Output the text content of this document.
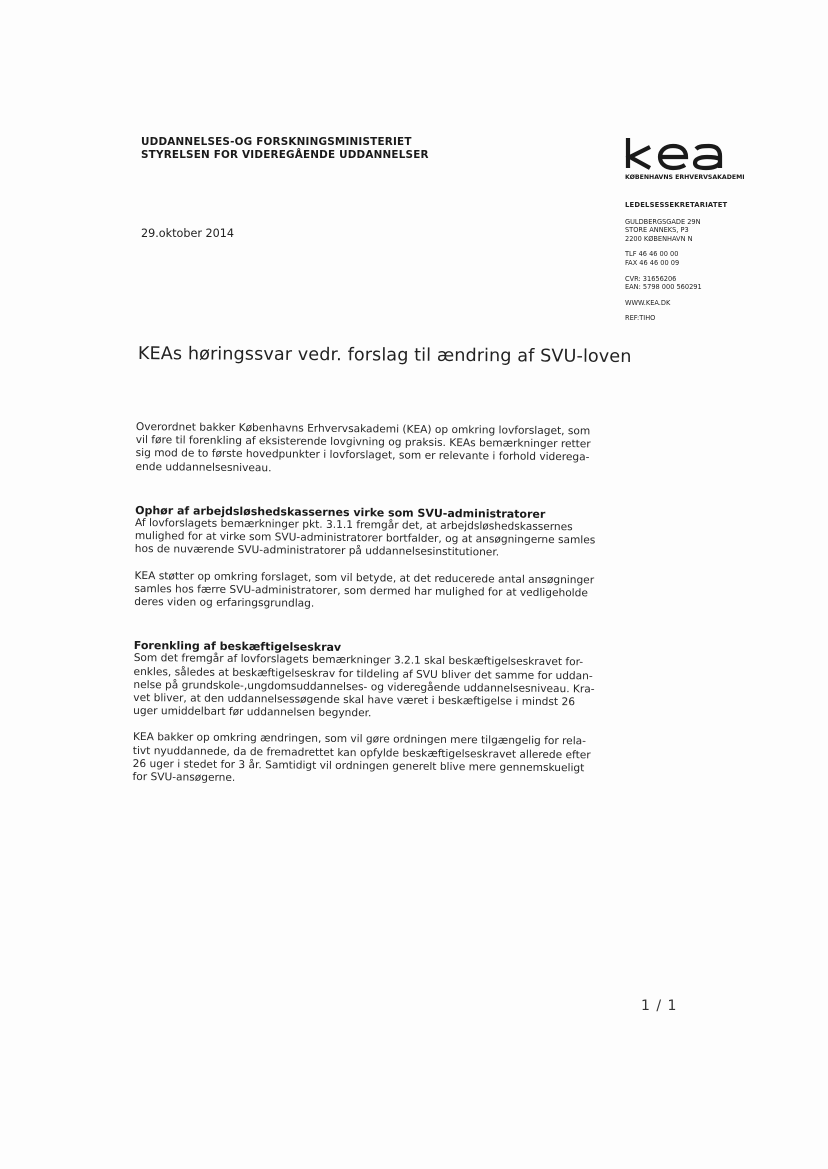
UDDANNELSES-OG FORSKNINGSMINISTERIET
STYRELSEN FOR VIDEREGÅENDE UDDANNELSER
KØBENHAVNS ERHVERVSAKADEMI
LEDELSESSEKRETARIATET
GULDBERGSGADE 29N
STORE ANNEKS, P3
2200 KØBENHAVN N
TLF 46 46 00 00
FAX 46 46 00 09
CVR: 31656206
EAN: 5798 000 560291
WWW.KEA.DK
REF:TIHO
29.oktober 2014
KEAs høringssvar vedr. forslag til ændring af SVU-loven

Overordnet bakker Københavns Erhvervsakademi (KEA) op omkring lovforslaget, som

vil føre til forenkling af eksisterende lovgivning og praksis. KEAs bemærkninger retter

sig mod de to første hovedpunkter i lovforslaget, som er relevante i forhold viderega-

ende uddannelsesniveau.

Ophør af arbejdsløshedskassernes virke som SVU-administratorer

Af lovforslagets bemærkninger pkt. 3.1.1 fremgår det, at arbejdsløshedskassernes

mulighed for at virke som SVU-administratorer bortfalder, og at ansøgningerne samles

hos de nuværende SVU-administratorer på uddannelsesinstitutioner.

KEA støtter op omkring forslaget, som vil betyde, at det reducerede antal ansøgninger

samles hos færre SVU-administratorer, som dermed har mulighed for at vedligeholde

deres viden og erfaringsgrundlag.

Forenkling af beskæftigelseskrav

Som det fremgår af lovforslagets bemærkninger 3.2.1 skal beskæftigelseskravet for-

enkles, således at beskæftigelseskrav for tildeling af SVU bliver det samme for uddan-

nelse på grundskole-,ungdomsuddannelses- og videregående uddannelsesniveau. Kra-

vet bliver, at den uddannelsessøgende skal have været i beskæftigelse i mindst 26

uger umiddelbart før uddannelsen begynder.

KEA bakker op omkring ændringen, som vil gøre ordningen mere tilgængelig for rela-

tivt nyuddannede, da de fremadrettet kan opfylde beskæftigelseskravet allerede efter

26 uger i stedet for 3 år. Samtidigt vil ordningen generelt blive mere gennemskueligt

for SVU-ansøgerne.

1 / 1
